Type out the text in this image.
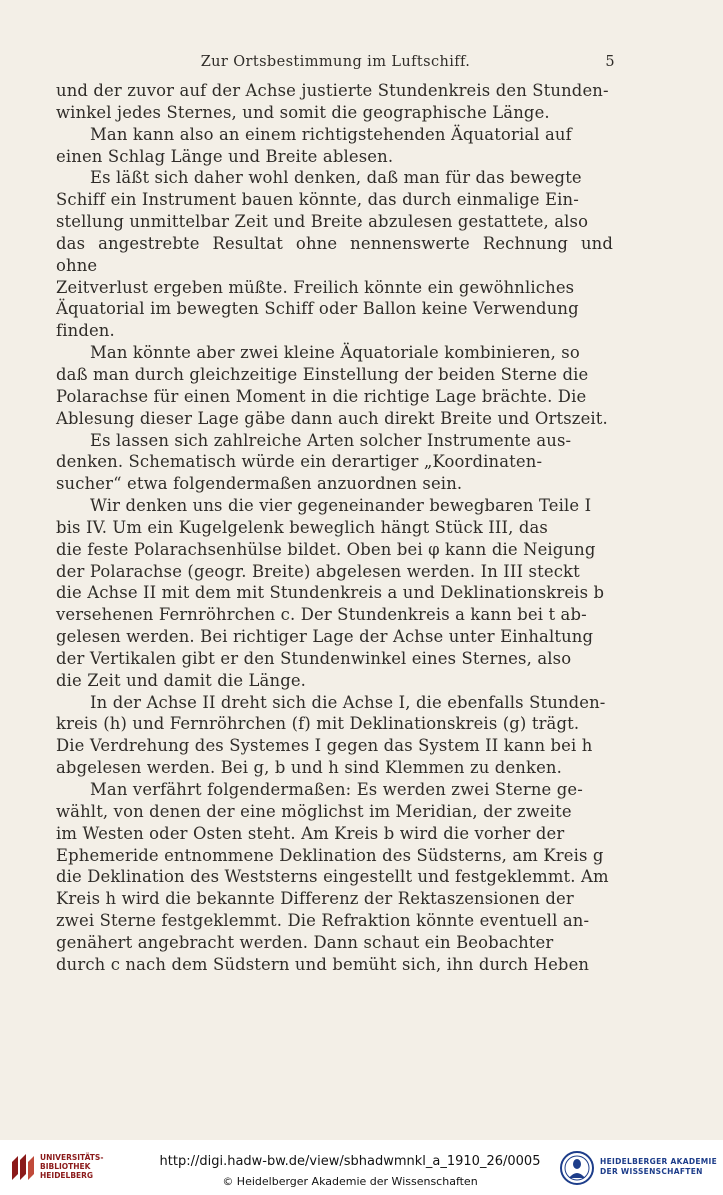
Zur Ortsbestimmung im Luftschiff.	5

und der zuvor auf der Achse justierte Stundenkreis den Stunden-

winkel jedes Sternes, und somit die geographische Länge.

Man kann also an einem richtigstehenden Äquatorial auf

einen Schlag Länge und Breite ablesen.

Es läßt sich daher wohl denken, daß man für das bewegte

Schiff ein Instrument bauen könnte, das durch einmalige Ein-

stellung unmittelbar Zeit und Breite abzulesen gestattete, also

das angestrebte Resultat ohne nennenswerte Rechnung und ohne

Zeitverlust ergeben müßte. Freilich könnte ein gewöhnliches

Äquatorial im bewegten Schiff oder Ballon keine Verwendung

finden.

Man könnte aber zwei kleine Äquatoriale kombinieren, so

daß man durch gleichzeitige Einstellung der beiden Sterne die

Polarachse für einen Moment in die richtige Lage brächte. Die

Ablesung dieser Lage gäbe dann auch direkt Breite und Ortszeit.

Es lassen sich zahlreiche Arten solcher Instrumente aus-

denken. Schematisch würde ein derartiger „Koordinaten-

sucher“ etwa folgendermaßen anzuordnen sein.

Wir denken uns die vier gegeneinander bewegbaren Teile I

bis IV. Um ein Kugelgelenk beweglich hängt Stück III, das

die feste Polarachsenhülse bildet. Oben bei φ kann die Neigung

der Polarachse (geogr. Breite) abgelesen werden. In III steckt

die Achse II mit dem mit Stundenkreis a und Deklinationskreis b

versehenen Fernröhrchen c. Der Stundenkreis a kann bei t ab-

gelesen werden. Bei richtiger Lage der Achse unter Einhaltung

der Vertikalen gibt er den Stundenwinkel eines Sternes, also

die Zeit und damit die Länge.

In der Achse II dreht sich die Achse I, die ebenfalls Stunden-

kreis (h) und Fernröhrchen (f) mit Deklinationskreis (g) trägt.

Die Verdrehung des Systemes I gegen das System II kann bei h

abgelesen werden. Bei g, b und h sind Klemmen zu denken.

Man verfährt folgendermaßen: Es werden zwei Sterne ge-

wählt, von denen der eine möglichst im Meridian, der zweite

im Westen oder Osten steht. Am Kreis b wird die vorher der

Ephemeride entnommene Deklination des Südsterns, am Kreis g

die Deklination des Weststerns eingestellt und festgeklemmt. Am

Kreis h wird die bekannte Differenz der Rektaszensionen der

zwei Sterne festgeklemmt. Die Refraktion könnte eventuell an-

genähert angebracht werden. Dann schaut ein Beobachter

durch c nach dem Südstern und bemüht sich, ihn durch Heben

UNIVERSITÄTS-
BIBLIOTHEK
HEIDELBERG
http://digi.hadw-bw.de/view/sbhadwmnkl_a_1910_26/0005
© Heidelberger Akademie der Wissenschaften
HEIDELBERGER AKADEMIE
DER WISSENSCHAFTEN
